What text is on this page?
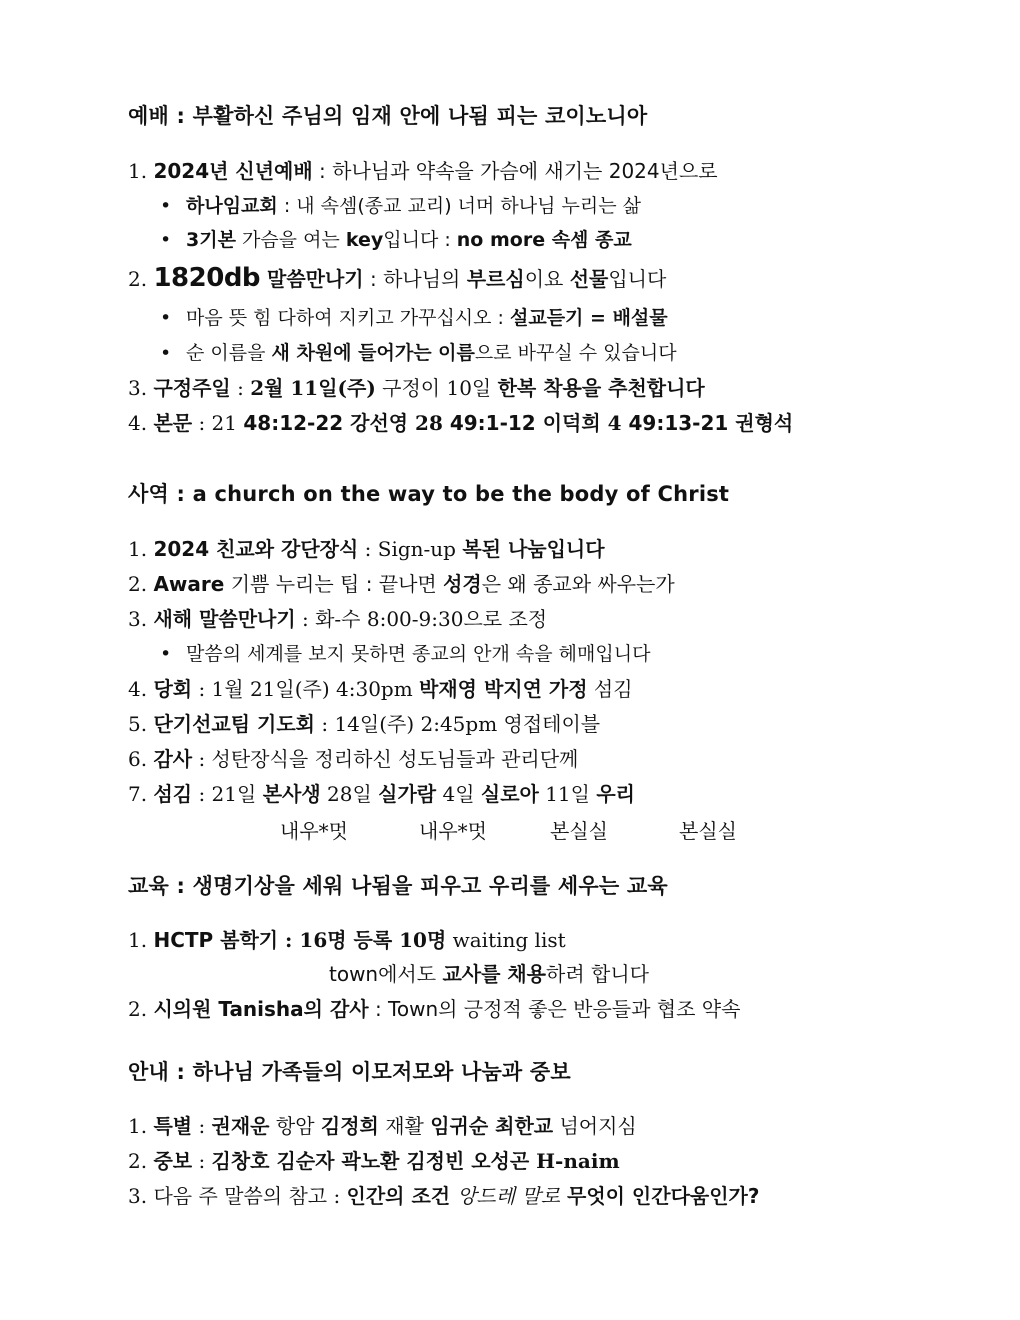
예배 : 부활하신 주님의 임재 안에 나됨 피는 코이노니아
1. 2024년 신년예배 : 하나님과 약속을 가슴에 새기는 2024년으로
• 하나임교회 : 내 속셈(종교 교리) 너머 하나님 누리는 삶
• 3기본 가슴을 여는 key입니다 : no more 속셈 종교
2. 1820db 말씀만나기 : 하나님의 부르심이요 선물입니다
• 마음 뜻 힘 다하여 지키고 가꾸십시오 : 설교듣기 = 배설물
• 순 이름을 새 차원에 들어가는 이름으로 바꾸실 수 있습니다
3. 구정주일 : 2월 11일(주) 구정이 10일 한복 착용을 추천합니다
4. 본문 : 21 48:12-22 강선영 28 49:1-12 이덕희 4 49:13-21 권형석
사역 : a church on the way to be the body of Christ
1. 2024 친교와 강단장식 : Sign-up 복된 나눔입니다
2. Aware 기쁨 누리는 팁 : 끝나면 성경은 왜 종교와 싸우는가
3. 새해 말씀만나기 : 화-수 8:00-9:30으로 조정
• 말씀의 세계를 보지 못하면 종교의 안개 속을 헤매입니다
4. 당회 : 1월 21일(주) 4:30pm 박재영 박지연 가정 섬김
5. 단기선교팀 기도회 : 14일(주) 2:45pm 영접테이블
6. 감사 : 성탄장식을 정리하신 성도님들과 관리단께
7. 섬김 : 21일 본사생 28일 실가람 4일 실로아 11일 우리
내우*멋	내우*멋	본실실	본실실
교육 : 생명기상을 세워 나됨을 피우고 우리를 세우는 교육
1. HCTP 봄학기 : 16명 등록 10명 waiting list
town에서도 교사를 채용하려 합니다
2. 시의원 Tanisha의 감사 : Town의 긍정적 좋은 반응들과 협조 약속
안내 : 하나님 가족들의 이모저모와 나눔과 중보
1. 특별 : 권재운 항암 김정희 재활 임귀순 최한교 넘어지심
2. 중보 : 김창호 김순자 곽노환 김정빈 오성곤 H-naim
3. 다음 주 말씀의 참고 : 인간의 조건 앙드레 말로 무엇이 인간다움인가?
